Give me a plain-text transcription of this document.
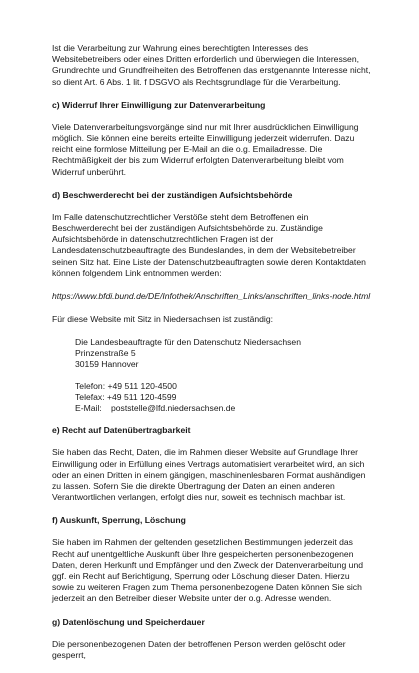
Ist die Verarbeitung zur Wahrung eines berechtigten Interesses des Websitebetreibers oder eines Dritten erforderlich und überwiegen die Interessen, Grundrechte und Grundfreiheiten des Betroffenen das erstgenannte Interesse nicht, so dient Art. 6 Abs. 1 lit. f DSGVO als Rechtsgrundlage für die Verarbeitung.

c) Widerruf Ihrer Einwilligung zur Datenverarbeitung

Viele Datenverarbeitungsvorgänge sind nur mit Ihrer ausdrücklichen Einwilligung möglich. Sie können eine bereits erteilte Einwilligung jederzeit widerrufen. Dazu reicht eine formlose Mitteilung per E-Mail an die o.g. Emailadresse. Die Rechtmäßigkeit der bis zum Widerruf erfolgten Datenverarbeitung bleibt vom Widerruf unberührt.

d) Beschwerderecht bei der zuständigen Aufsichtsbehörde

Im Falle datenschutzrechtlicher Verstöße steht dem Betroffenen ein Beschwerderecht bei der zuständigen Aufsichtsbehörde zu. Zuständige Aufsichtsbehörde in datenschutzrechtlichen Fragen ist der Landesdatenschutzbeauftragte des Bundeslandes, in dem der Websitebetreiber seinen Sitz hat. Eine Liste der Datenschutzbeauftragten sowie deren Kontaktdaten können folgendem Link entnommen werden:

https://www.bfdi.bund.de/DE/Infothek/Anschriften_Links/anschriften_links-node.html

Für diese Website mit Sitz in Niedersachsen ist zuständig:

Die Landesbeauftragte für den Datenschutz Niedersachsen
Prinzenstraße 5
30159 Hannover
Telefon: +49 511 120-4500
Telefax: +49 511 120-4599
E-Mail: poststelle@lfd.niedersachsen.de
e) Recht auf Datenübertragbarkeit

Sie haben das Recht, Daten, die im Rahmen dieser Website auf Grundlage Ihrer Einwilligung oder in Erfüllung eines Vertrags automatisiert verarbeitet wird, an sich oder an einen Dritten in einem gängigen, maschinenlesbaren Format aushändigen zu lassen. Sofern Sie die direkte Übertragung der Daten an einen anderen Verantwortlichen verlangen, erfolgt dies nur, soweit es technisch machbar ist.

f) Auskunft, Sperrung, Löschung

Sie haben im Rahmen der geltenden gesetzlichen Bestimmungen jederzeit das Recht auf unentgeltliche Auskunft über Ihre gespeicherten personenbezogenen Daten, deren Herkunft und Empfänger und den Zweck der Datenverarbeitung und ggf. ein Recht auf Berichtigung, Sperrung oder Löschung dieser Daten. Hierzu sowie zu weiteren Fragen zum Thema personenbezogene Daten können Sie sich jederzeit an den Betreiber dieser Website unter der o.g. Adresse wenden.

g) Datenlöschung und Speicherdauer

Die personenbezogenen Daten der betroffenen Person werden gelöscht oder gesperrt,
